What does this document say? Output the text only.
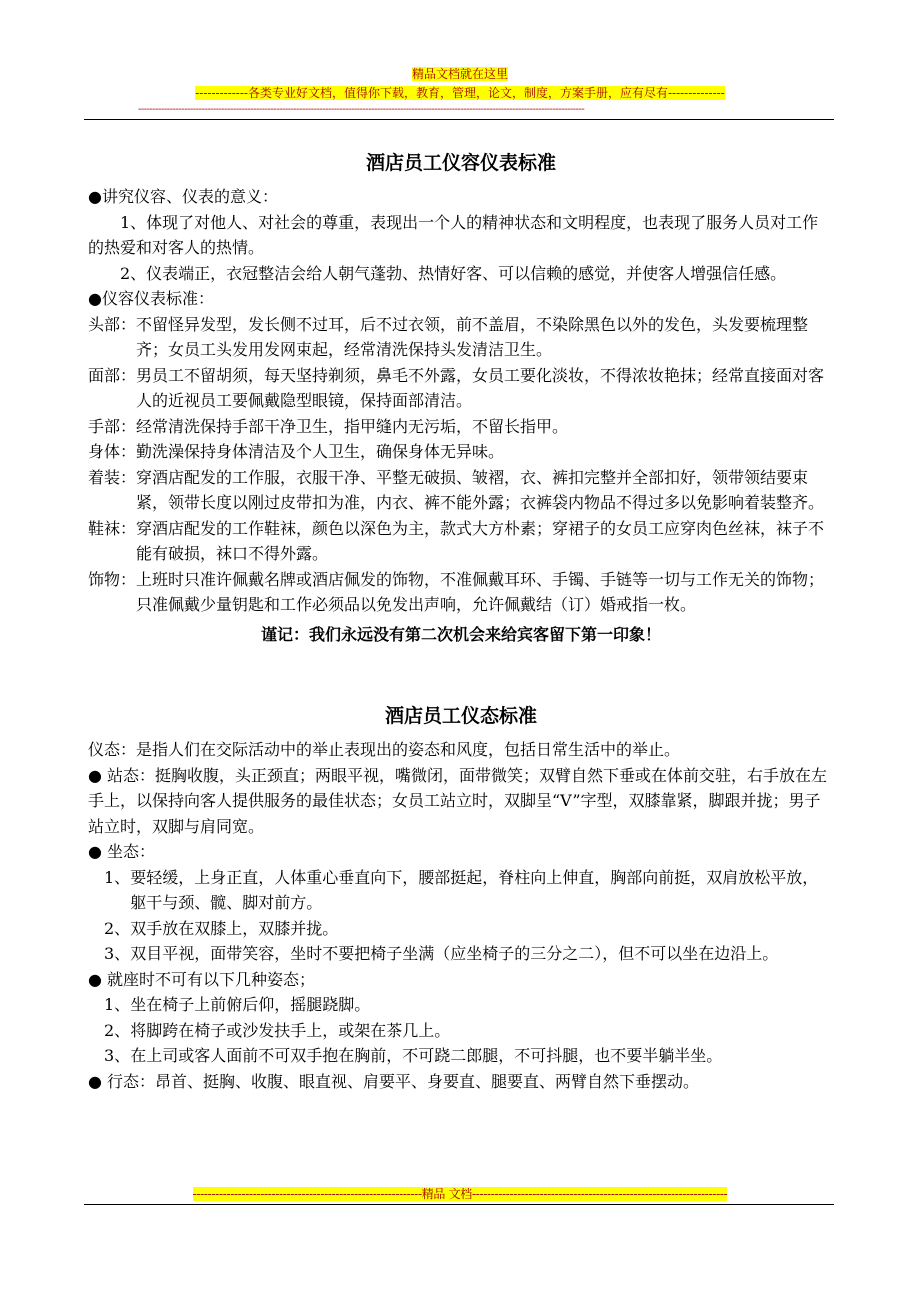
精品文档就在这里
-------------各类专业好文档，值得你下载，教育，管理，论文，制度，方案手册，应有尽有--------------
-----------------------------------------------------------------------------------------------------------------------------------------------------------
酒店员工仪容仪表标准

●讲究仪容、仪表的意义：

1、体现了对他人、对社会的尊重，表现出一个人的精神状态和文明程度，也表现了服务人员对工作的热爱和对客人的热情。

2、仪表端正，衣冠整洁会给人朝气蓬勃、热情好客、可以信赖的感觉，并使客人增强信任感。

●仪容仪表标准：

头部： 不留怪异发型，发长侧不过耳，后不过衣领，前不盖眉，不染除黑色以外的发色，头发要梳理整齐；女员工头发用发网束起，经常清洗保持头发清洁卫生。
面部： 男员工不留胡须，每天坚持剃须，鼻毛不外露，女员工要化淡妆，不得浓妆艳抹；经常直接面对客人的近视员工要佩戴隐型眼镜，保持面部清洁。
手部： 经常清洗保持手部干净卫生，指甲缝内无污垢，不留长指甲。
身体： 勤洗澡保持身体清洁及个人卫生，确保身体无异味。
着装： 穿酒店配发的工作服，衣服干净、平整无破损、皱褶，衣、裤扣完整并全部扣好，领带领结要束紧，领带长度以刚过皮带扣为准，内衣、裤不能外露；衣裤袋内物品不得过多以免影响着装整齐。
鞋袜： 穿酒店配发的工作鞋袜，颜色以深色为主，款式大方朴素；穿裙子的女员工应穿肉色丝袜，袜子不能有破损，袜口不得外露。
饰物： 上班时只准许佩戴名牌或酒店佩发的饰物，不准佩戴耳环、手镯、手链等一切与工作无关的饰物；只准佩戴少量钥匙和工作必须品以免发出声响，允许佩戴结（订）婚戒指一枚。

谨记：我们永远没有第二次机会来给宾客留下第一印象！

酒店员工仪态标准

仪态：是指人们在交际活动中的举止表现出的姿态和风度，包括日常生活中的举止。

● 站态：挺胸收腹，头正颈直；两眼平视，嘴微闭，面带微笑；双臂自然下垂或在体前交驻，右手放在左手上，以保持向客人提供服务的最佳状态；女员工站立时，双脚呈“V”字型，双膝靠紧，脚跟并拢；男子站立时，双脚与肩同宽。

● 坐态：

1、 要轻缓，上身正直，人体重心垂直向下，腰部挺起，脊柱向上伸直，胸部向前挺，双肩放松平放，躯干与颈、髋、脚对前方。
2、 双手放在双膝上，双膝并拢。
3、 双目平视，面带笑容，坐时不要把椅子坐满（应坐椅子的三分之二），但不可以坐在边沿上。

● 就座时不可有以下几种姿态；

1、 坐在椅子上前俯后仰，摇腿跷脚。
2、 将脚跨在椅子或沙发扶手上，或架在茶几上。
3、 在上司或客人面前不可双手抱在胸前，不可跷二郎腿，不可抖腿，也不要半躺半坐。

● 行态：昂首、挺胸、收腹、眼直视、肩要平、身要直、腿要直、两臂自然下垂摆动。

-------------------------------------------------------------精品 文档--------------------------------------------------------------------
